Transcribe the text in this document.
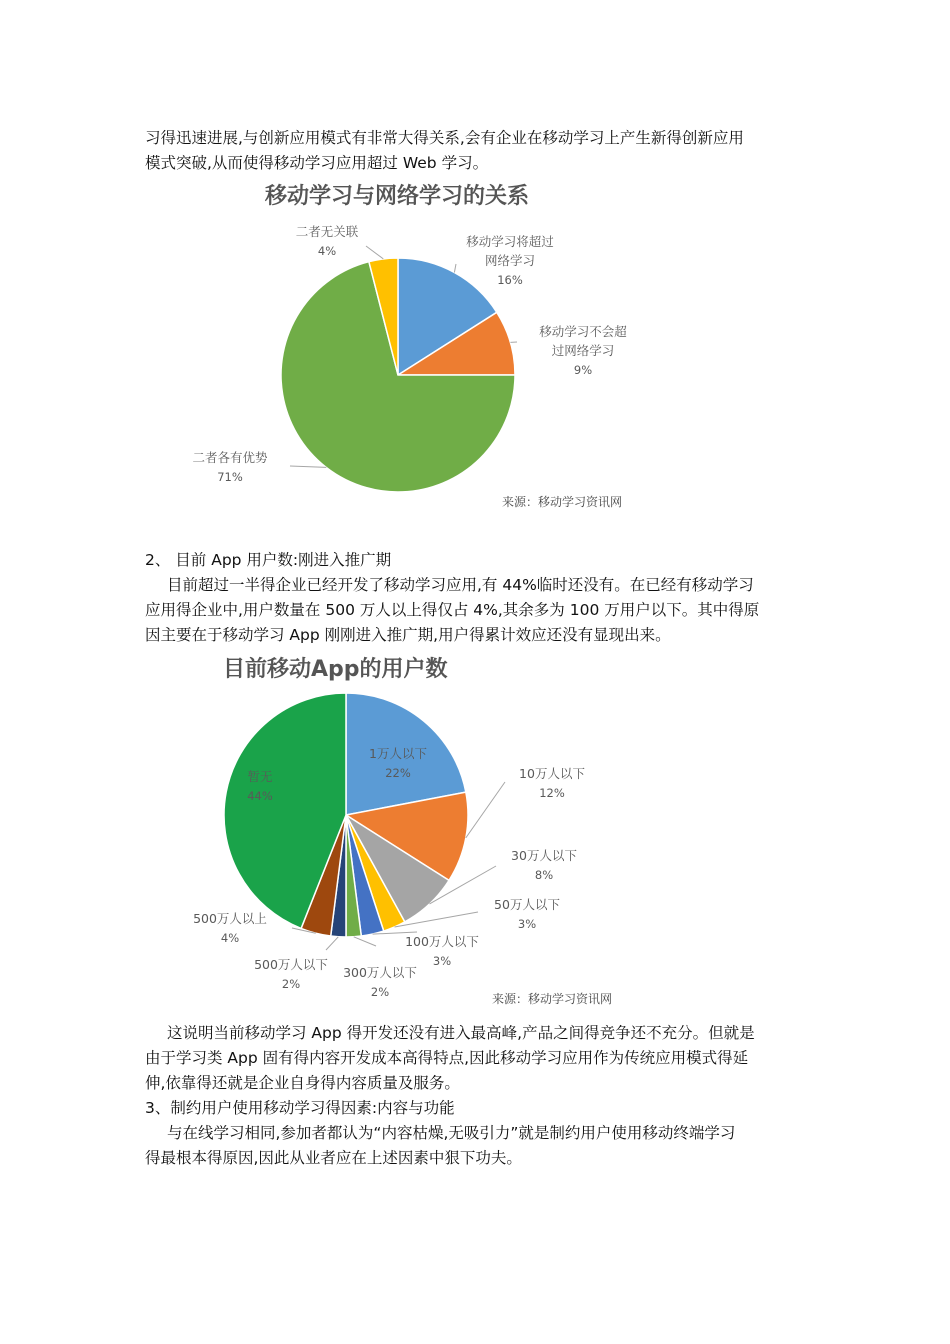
习得迅速进展,与创新应用模式有非常大得关系,会有企业在移动学习上产生新得创新应用
模式突破,从而使得移动学习应用超过 Web 学习。

移动学习与网络学习的关系
移动学习将超过
网络学习
16%
移动学习不会超
过网络学习
9%
二者各有优势
71%
二者无关联
4%
来源：移动学习资讯网

2、 目前 App 用户数:刚进入推广期

目前超过一半得企业已经开发了移动学习应用,有 44%临时还没有。在已经有移动学习
应用得企业中,用户数量在 500 万人以上得仅占 4%,其余多为 100 万用户以下。其中得原
因主要在于移动学习 App 刚刚进入推广期,用户得累计效应还没有显现出来。

目前移动App的用户数
1万人以下
22%	10万人以下
12%
30万人以下
8%
50万人以下
3%
100万人以下
3%
300万人以下
2%
500万人以下
2%
500万人以上
4%
暂无
44%
来源：移动学习资讯网

这说明当前移动学习 App 得开发还没有进入最高峰,产品之间得竞争还不充分。但就是
由于学习类 App 固有得内容开发成本高得特点,因此移动学习应用作为传统应用模式得延
伸,依靠得还就是企业自身得内容质量及服务。

3、制约用户使用移动学习得因素:内容与功能

与在线学习相同,参加者都认为“内容枯燥,无吸引力”就是制约用户使用移动终端学习
得最根本得原因,因此从业者应在上述因素中狠下功夫。
